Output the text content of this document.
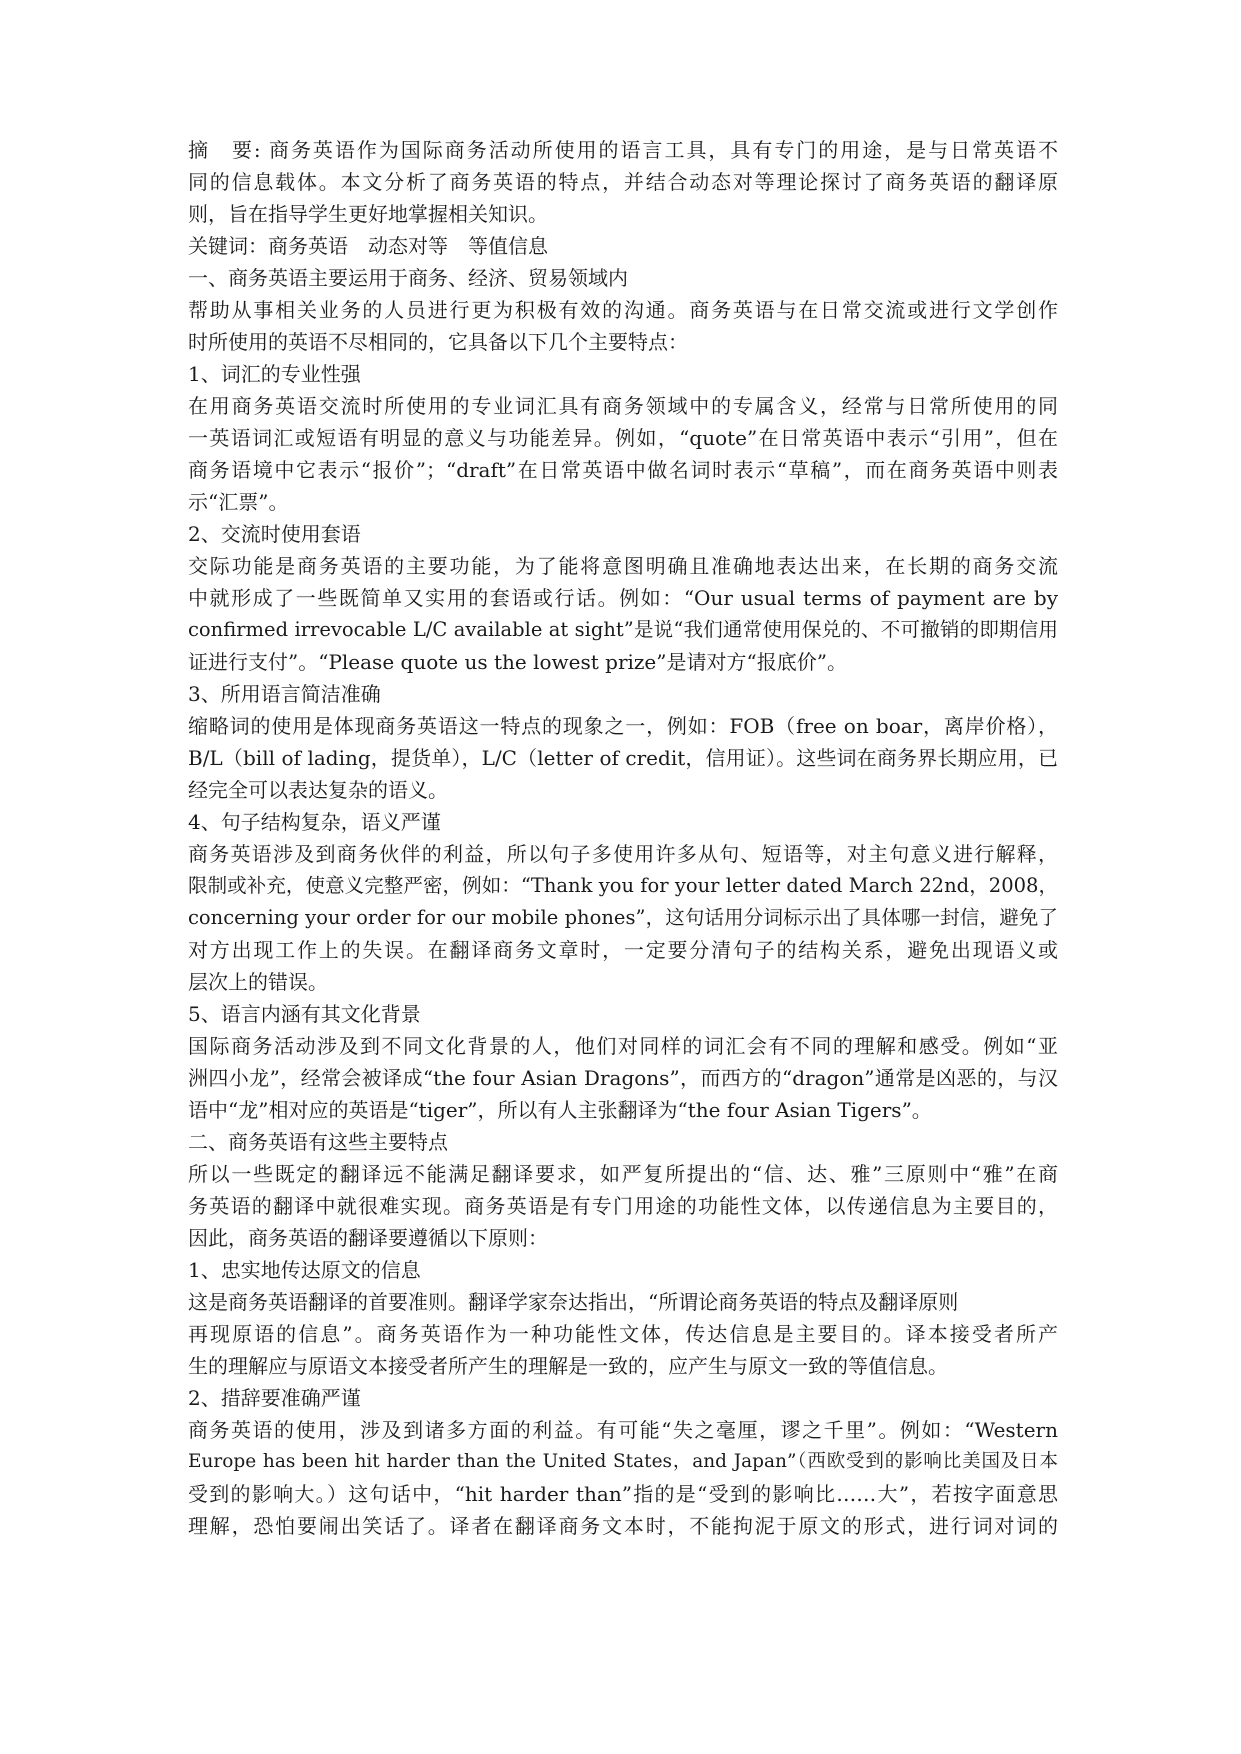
摘　要: 商务英语作为国际商务活动所使用的语言工具，具有专门的用途，是与日常英语不
同的信息载体。本文分析了商务英语的特点，并结合动态对等理论探讨了商务英语的翻译原
则，旨在指导学生更好地掌握相关知识。
关键词：商务英语　动态对等　等值信息
一、商务英语主要运用于商务、经济、贸易领域内
帮助从事相关业务的人员进行更为积极有效的沟通。商务英语与在日常交流或进行文学创作
时所使用的英语不尽相同的，它具备以下几个主要特点：
1、词汇的专业性强
在用商务英语交流时所使用的专业词汇具有商务领域中的专属含义，经常与日常所使用的同
一英语词汇或短语有明显的意义与功能差异。例如，“quote”在日常英语中表示“引用”，但在
商务语境中它表示“报价”；“draft”在日常英语中做名词时表示“草稿”，而在商务英语中则表
示“汇票”。
2、交流时使用套语
交际功能是商务英语的主要功能，为了能将意图明确且准确地表达出来，在长期的商务交流
中就形成了一些既简单又实用的套语或行话。例如：“Our usual terms of payment are by
confirmed irrevocable L/C available at sight”是说“我们通常使用保兑的、不可撤销的即期信用
证进行支付”。“Please quote us the lowest prize”是请对方“报底价”。
3、所用语言简洁准确
缩略词的使用是体现商务英语这一特点的现象之一，例如：FOB（free on boar，离岸价格），
B/L（bill of lading，提货单），L/C（letter of credit，信用证）。这些词在商务界长期应用，已
经完全可以表达复杂的语义。
4、句子结构复杂，语义严谨
商务英语涉及到商务伙伴的利益，所以句子多使用许多从句、短语等，对主句意义进行解释，
限制或补充，使意义完整严密，例如：“Thank you for your letter dated March 22nd，2008，
concerning your order for our mobile phones”，这句话用分词标示出了具体哪一封信，避免了
对方出现工作上的失误。在翻译商务文章时，一定要分清句子的结构关系，避免出现语义或
层次上的错误。
5、语言内涵有其文化背景
国际商务活动涉及到不同文化背景的人，他们对同样的词汇会有不同的理解和感受。例如“亚
洲四小龙”，经常会被译成“the four Asian Dragons”，而西方的“dragon”通常是凶恶的，与汉
语中“龙”相对应的英语是“tiger”，所以有人主张翻译为“the four Asian Tigers”。
二、商务英语有这些主要特点
所以一些既定的翻译远不能满足翻译要求，如严复所提出的“信、达、雅”三原则中“雅”在商
务英语的翻译中就很难实现。商务英语是有专门用途的功能性文体，以传递信息为主要目的，
因此，商务英语的翻译要遵循以下原则：
1、忠实地传达原文的信息
这是商务英语翻译的首要准则。翻译学家奈达指出，“所谓论商务英语的特点及翻译原则
再现原语的信息”。商务英语作为一种功能性文体，传达信息是主要目的。译本接受者所产
生的理解应与原语文本接受者所产生的理解是一致的，应产生与原文一致的等值信息。
2、措辞要准确严谨
商务英语的使用，涉及到诸多方面的利益。有可能“失之毫厘，谬之千里”。例如：“Western
Europe has been hit harder than the United States，and Japan”（西欧受到的影响比美国及日本
受到的影响大。）这句话中，“hit harder than”指的是“受到的影响比……大”，若按字面意思
理解，恐怕要闹出笑话了。译者在翻译商务文本时，不能拘泥于原文的形式，进行词对词的
